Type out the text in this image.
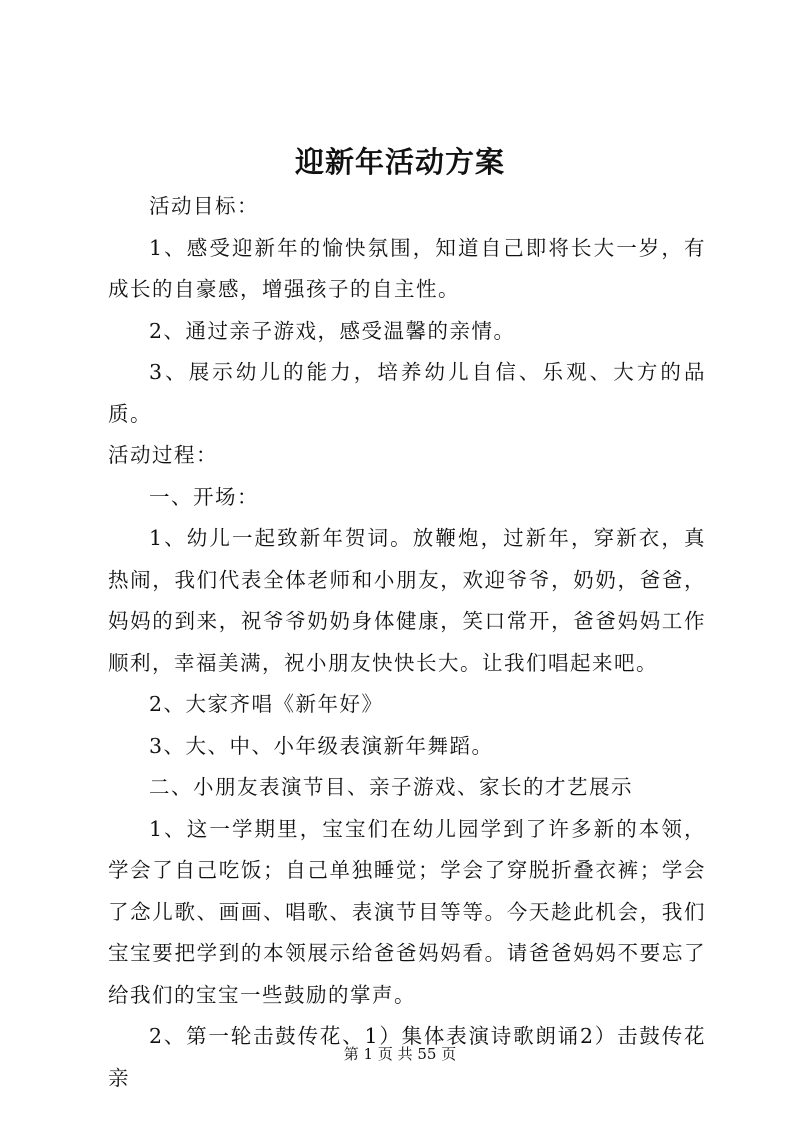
迎新年活动方案

活动目标：

1、感受迎新年的愉快氛围，知道自己即将长大一岁，有成长的自豪感，增强孩子的自主性。

2、通过亲子游戏，感受温馨的亲情。

3、展示幼儿的能力，培养幼儿自信、乐观、大方的品质。

活动过程：

一、开场：

1、幼儿一起致新年贺词。放鞭炮，过新年，穿新衣，真热闹，我们代表全体老师和小朋友，欢迎爷爷，奶奶，爸爸，妈妈的到来，祝爷爷奶奶身体健康，笑口常开，爸爸妈妈工作顺利，幸福美满，祝小朋友快快长大。让我们唱起来吧。

2、大家齐唱《新年好》

3、大、中、小年级表演新年舞蹈。

二、小朋友表演节目、亲子游戏、家长的才艺展示

1、这一学期里，宝宝们在幼儿园学到了许多新的本领，学会了自己吃饭；自己单独睡觉；学会了穿脱折叠衣裤；学会了念儿歌、画画、唱歌、表演节目等等。今天趁此机会，我们宝宝要把学到的本领展示给爸爸妈妈看。请爸爸妈妈不要忘了给我们的宝宝一些鼓励的掌声。

2、第一轮击鼓传花、1）集体表演诗歌朗诵2）击鼓传花亲

第 1 页 共 55 页
